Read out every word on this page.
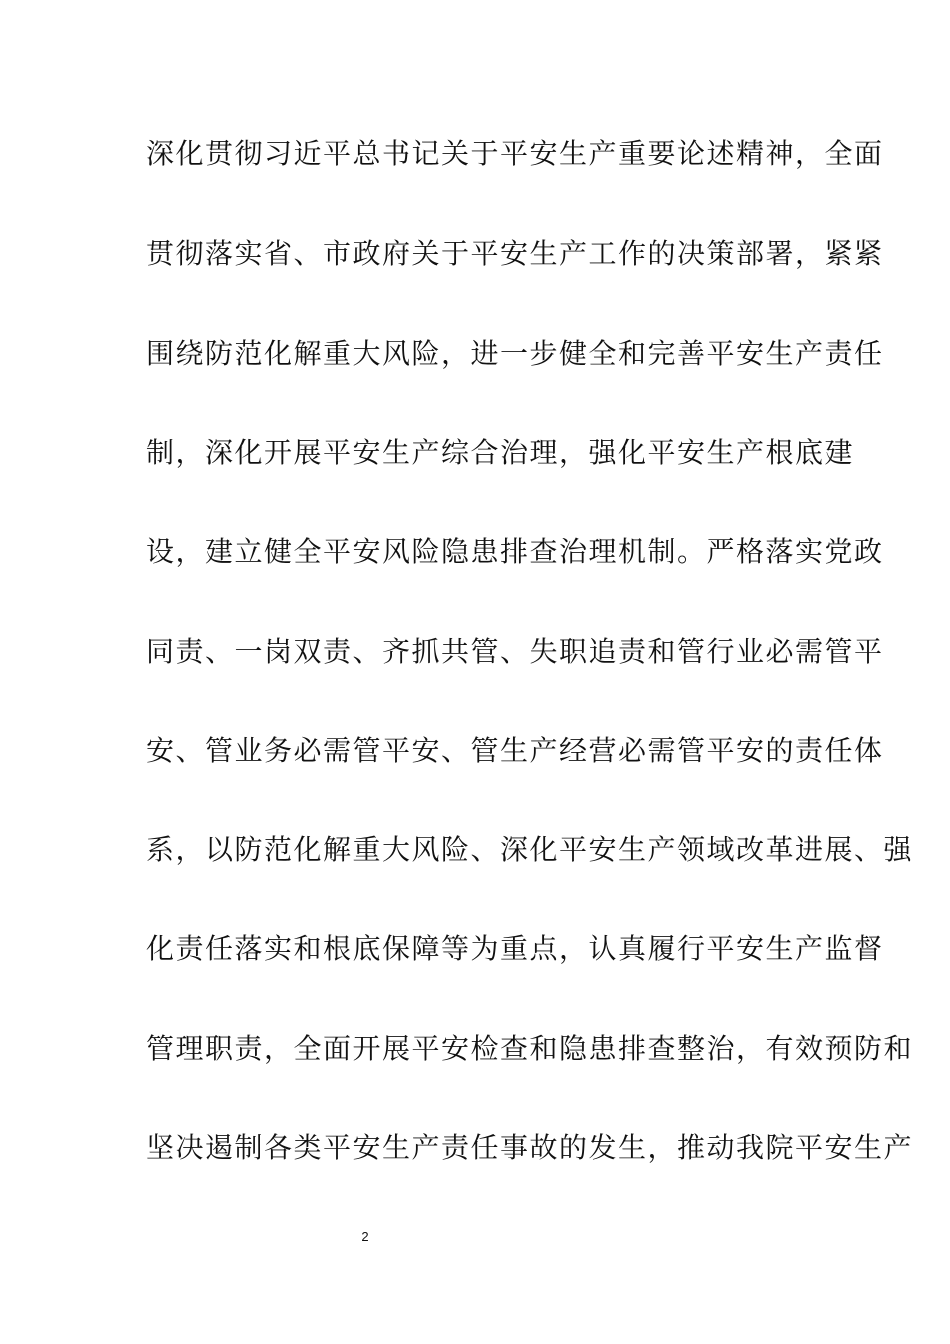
深化贯彻习近平总书记关于平安生产重要论述精神，全面
贯彻落实省、市政府关于平安生产工作的决策部署，紧紧
围绕防范化解重大风险，进一步健全和完善平安生产责任
制，深化开展平安生产综合治理，强化平安生产根底建
设，建立健全平安风险隐患排查治理机制。严格落实党政
同责、一岗双责、齐抓共管、失职追责和管行业必需管平
安、管业务必需管平安、管生产经营必需管平安的责任体
系，以防范化解重大风险、深化平安生产领域改革进展、强
化责任落实和根底保障等为重点，认真履行平安生产监督
管理职责，全面开展平安检查和隐患排查整治，有效预防和
坚决遏制各类平安生产责任事故的发生，推动我院平安生产
2
